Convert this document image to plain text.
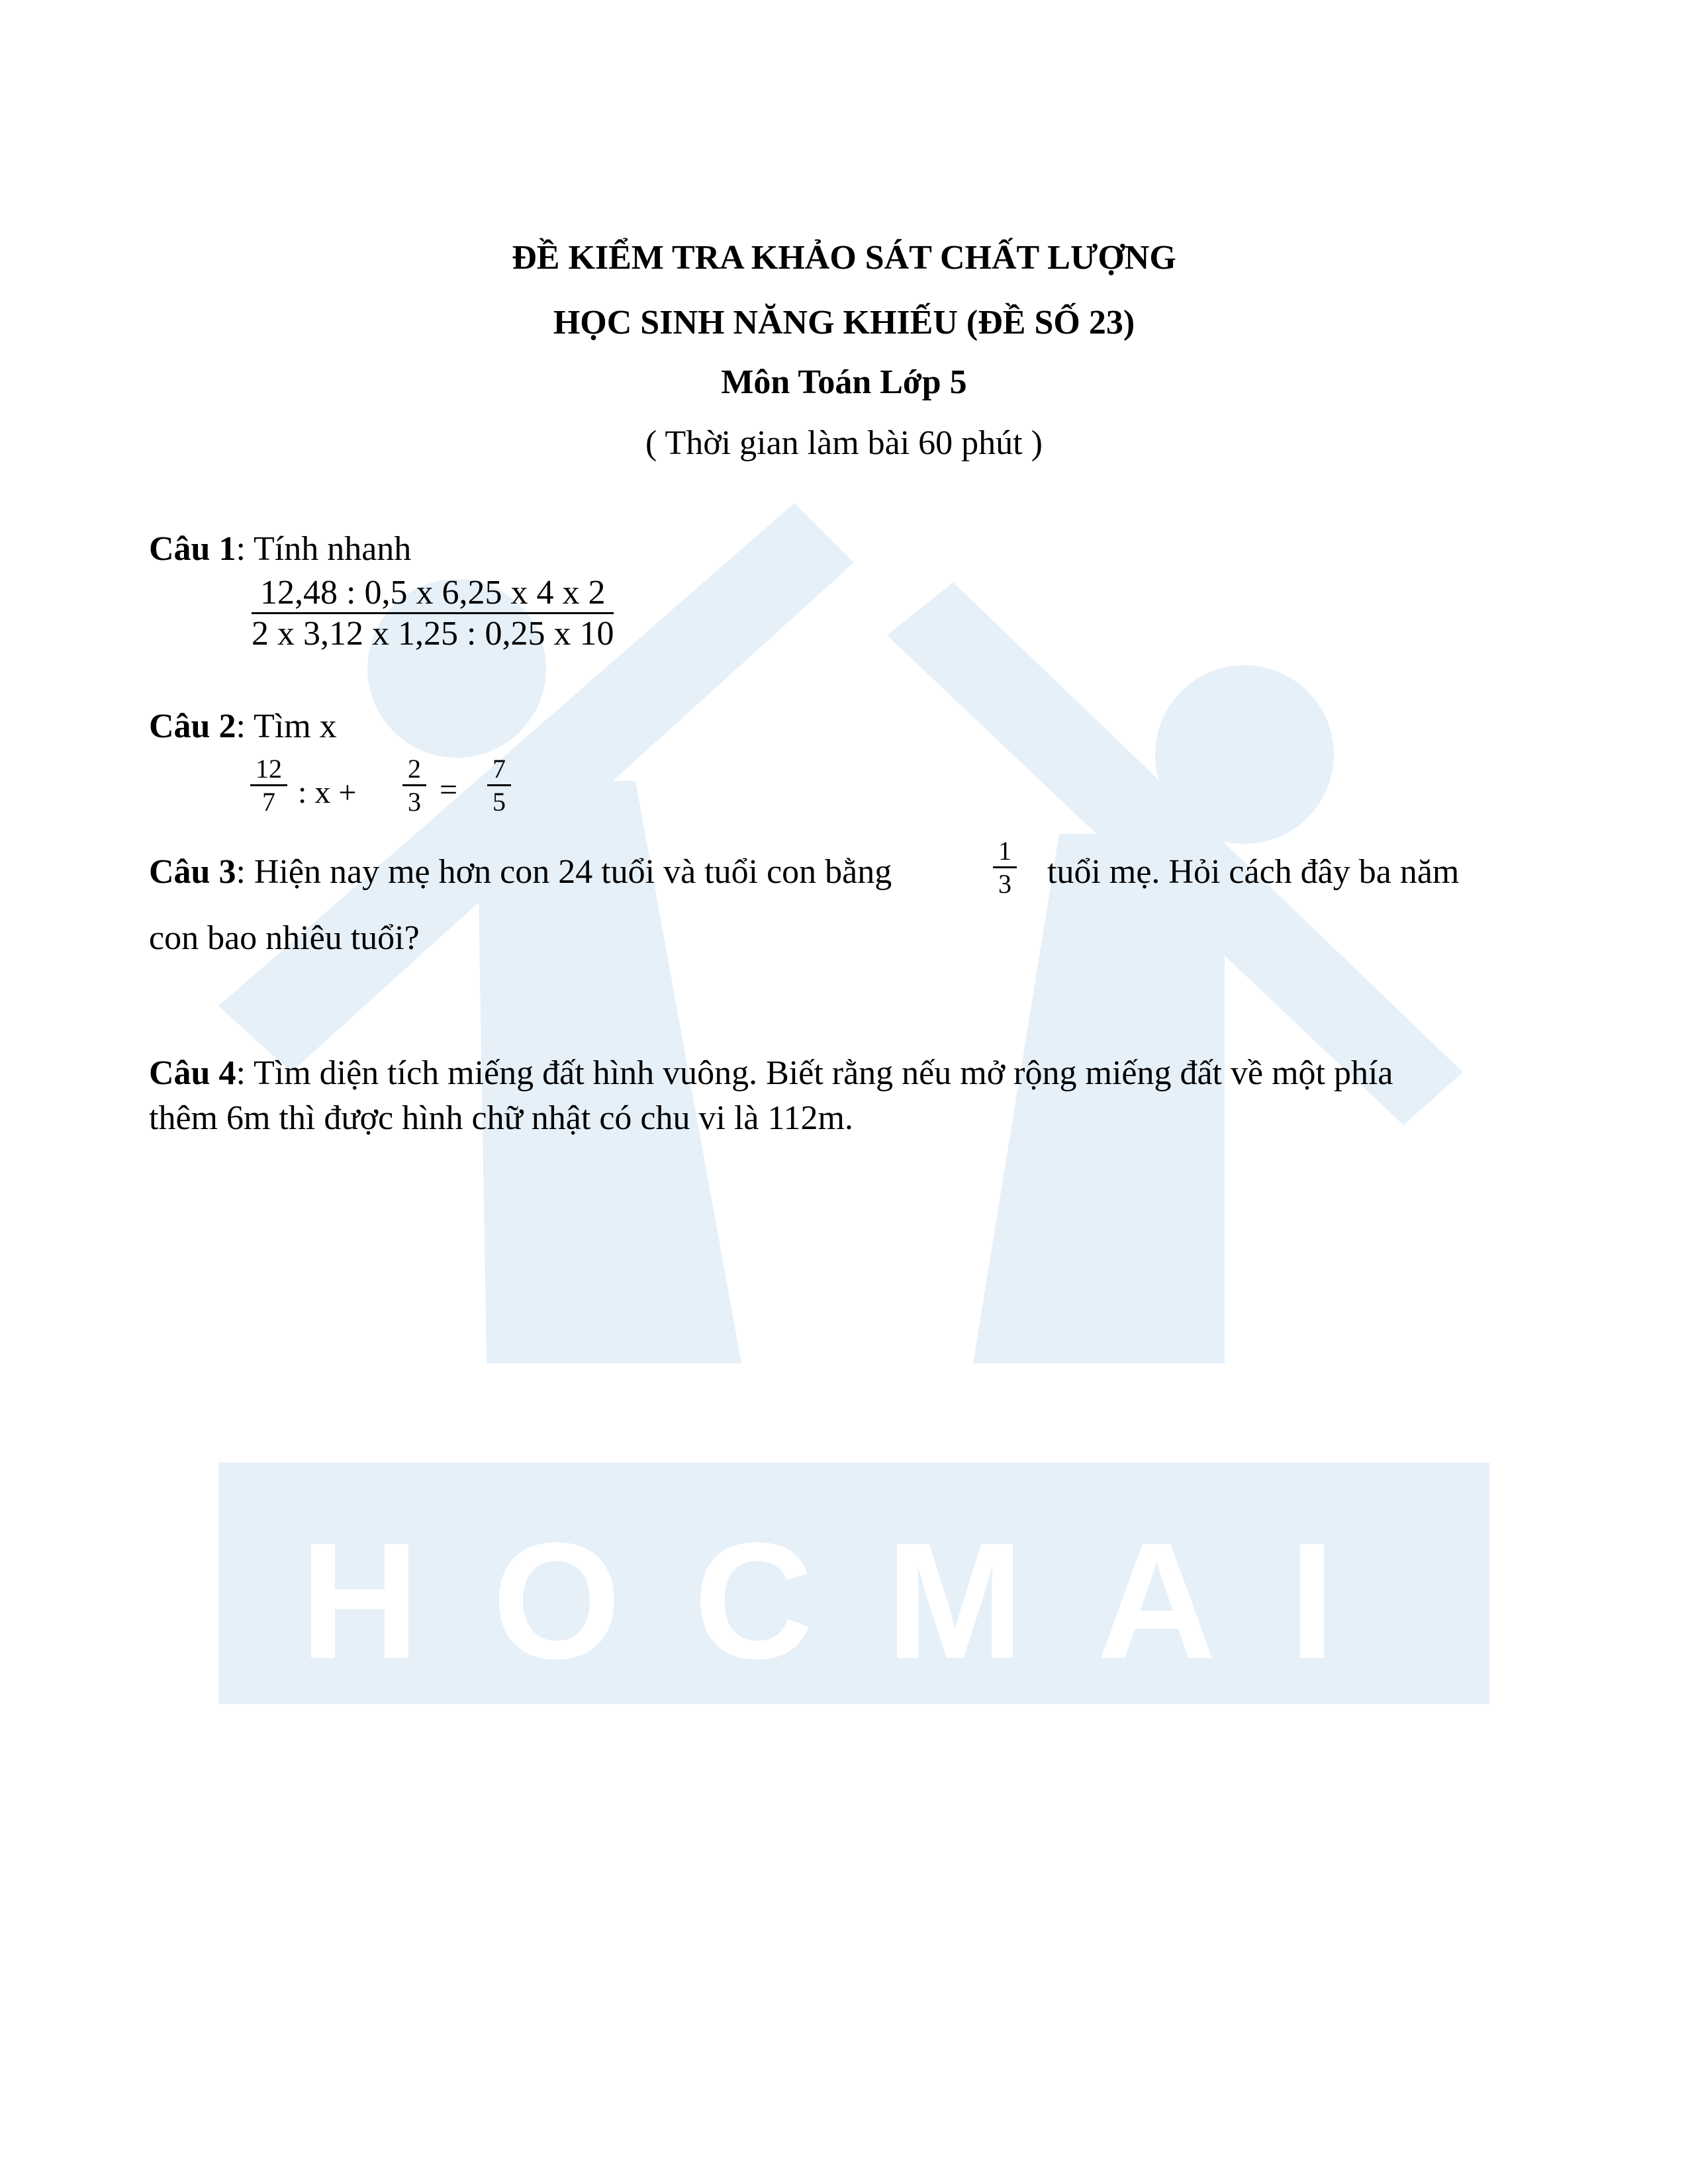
HOCMAI
ĐỀ KIỂM TRA KHẢO SÁT CHẤT LƯỢNG
HỌC SINH NĂNG KHIẾU (ĐỀ SỐ 23)
Môn Toán Lớp 5
( Thời gian làm bài 60 phút )
Câu 1: Tính nhanh
$\frac{12,48 : 0,5 x 6,25 x 4 x 2}{2 x 3,12 x 1,25 : 0,25 x 10}$
Câu 2: Tìm x
12
7 : x +
2
3 =
7
5
Câu 3: Hiện nay mẹ hơn con 24 tuổi và tuổi con bằng
1
3 tuổi mẹ. Hỏi cách đây ba năm
con bao nhiêu tuổi?
Câu 4: Tìm diện tích miếng đất hình vuông. Biết rằng nếu mở rộng miếng đất về một phía
thêm 6m thì được hình chữ nhật có chu vi là 112m.
